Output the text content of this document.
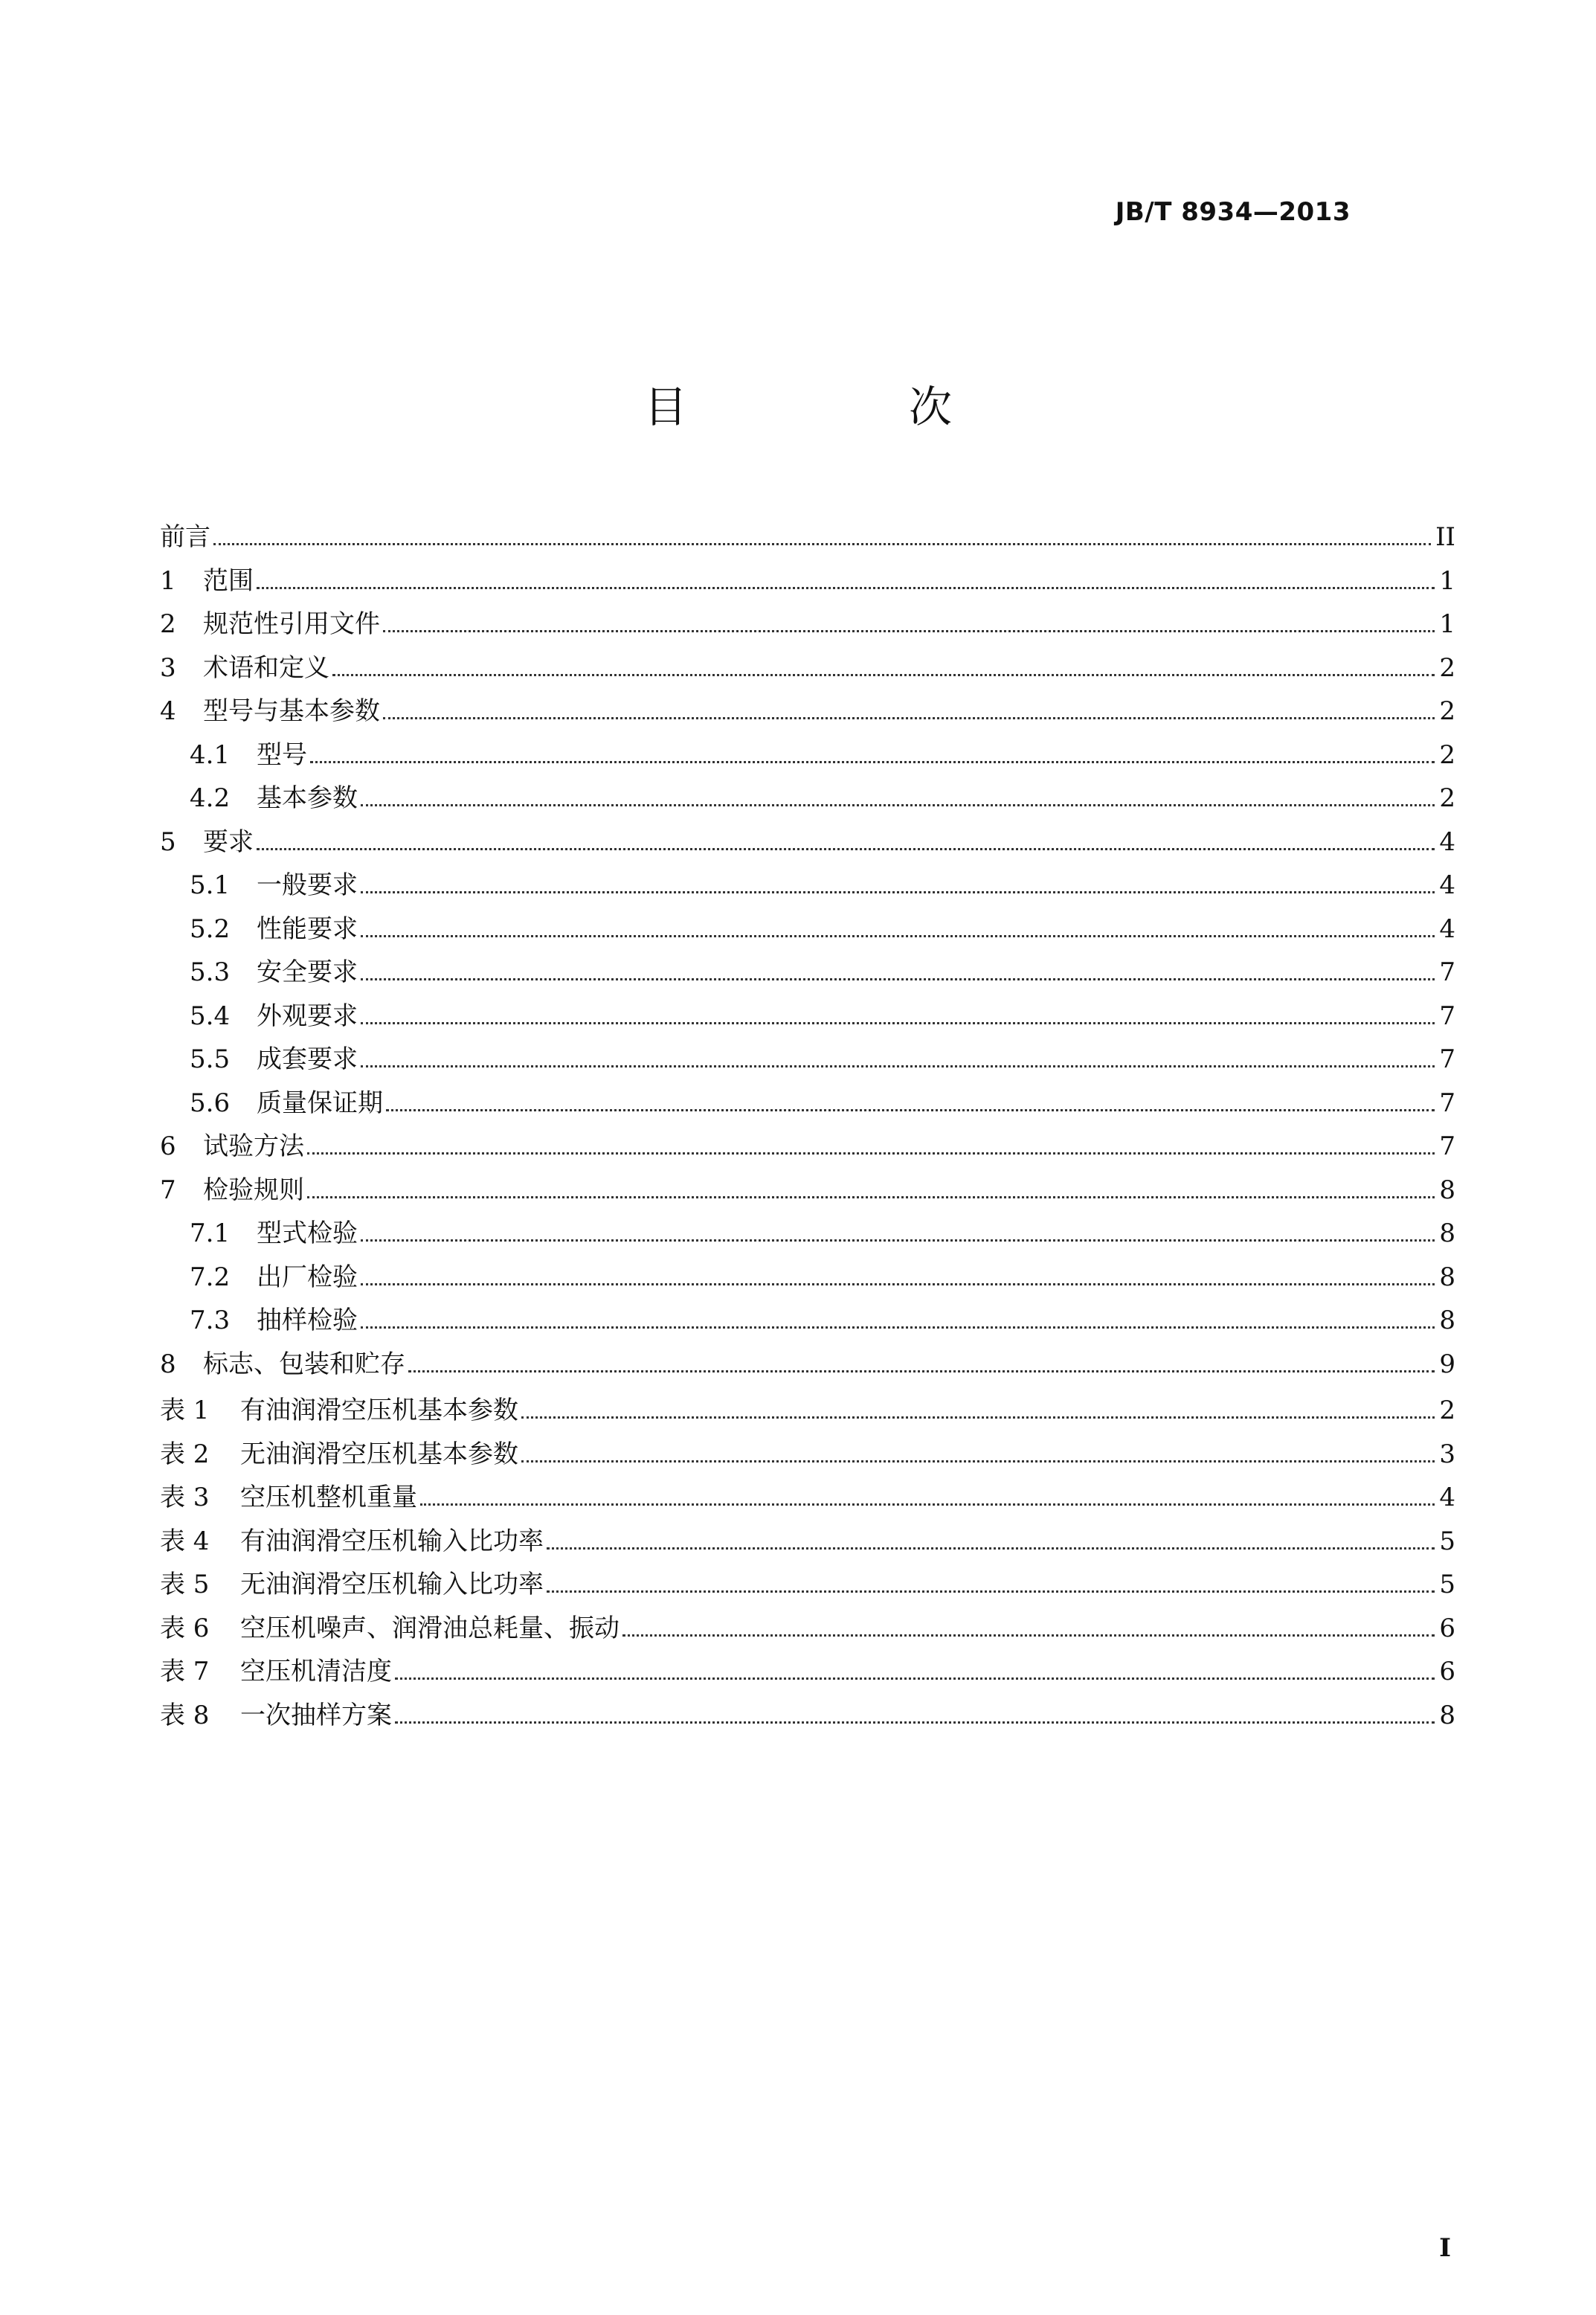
JB/T 8934—2013
目　次
前言	II
1	范围	1
2	规范性引用文件	1
3	术语和定义	2
4	型号与基本参数	2
4.1	型号	2
4.2	基本参数	2
5	要求	4
5.1	一般要求	4
5.2	性能要求	4
5.3	安全要求	7
5.4	外观要求	7
5.5	成套要求	7
5.6	质量保证期	7
6	试验方法	7
7	检验规则	8
7.1	型式检验	8
7.2	出厂检验	8
7.3	抽样检验	8
8	标志、包装和贮存	9
表 1	有油润滑空压机基本参数	2
表 2	无油润滑空压机基本参数	3
表 3	空压机整机重量	4
表 4	有油润滑空压机输入比功率	5
表 5	无油润滑空压机输入比功率	5
表 6	空压机噪声、润滑油总耗量、振动	6
表 7	空压机清洁度	6
表 8	一次抽样方案	8
I
